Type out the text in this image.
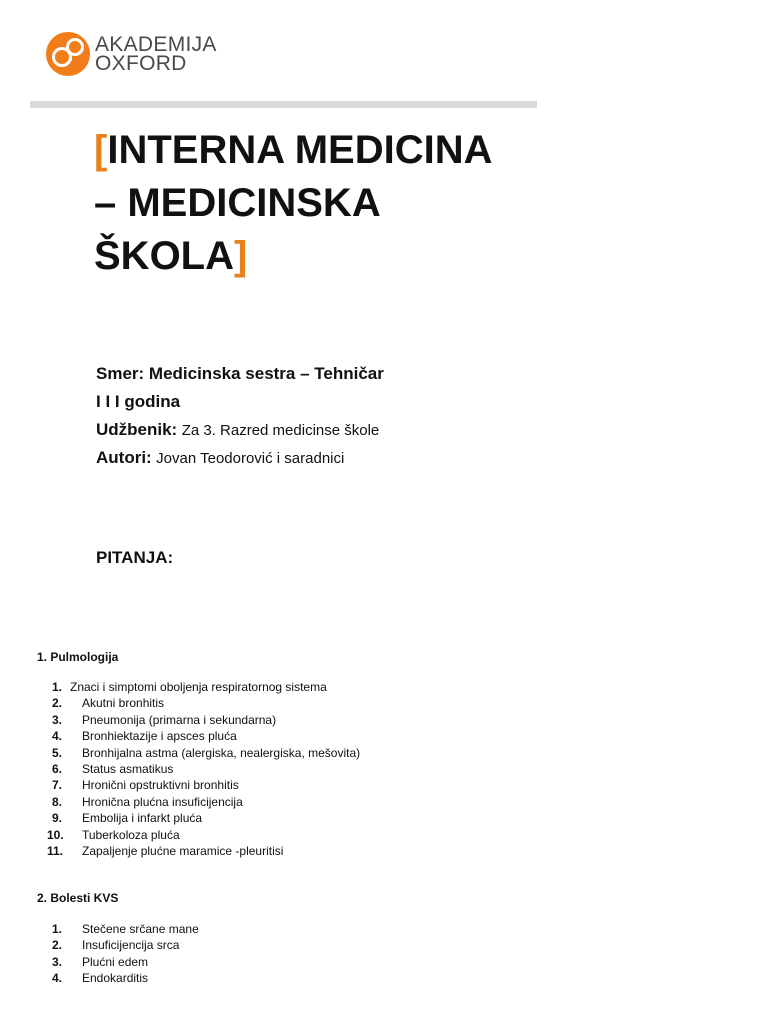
AKADEMIJA
OXFORD
[INTERNA MEDICINA
– MEDICINSKA
ŠKOLA]
Smer: Medicinska sestra – Tehničar
I I I godina
Udžbenik: Za 3. Razred medicinse škole
Autori: Jovan Teodorović i saradnici
PITANJA:
1. Pulmologija
1. Znaci i simptomi oboljenja respiratornog sistema
2.	Akutni bronhitis
3.	Pneumonija (primarna i sekundarna)
4.	Bronhiektazije i apsces pluća
5.	Bronhijalna astma (alergiska, nealergiska, mešovita)
6.	Status asmatikus
7.	Hronični opstruktivni bronhitis
8.	Hronična plućna insuficijencija
9.	Embolija i infarkt pluća
10.	Tuberkoloza pluća
11.	Zapaljenje plućne maramice -pleuritisi
2. Bolesti KVS
1.	Stečene srčane mane
2.	Insuficijencija srca
3.	Plućni edem
4.	Endokarditis
